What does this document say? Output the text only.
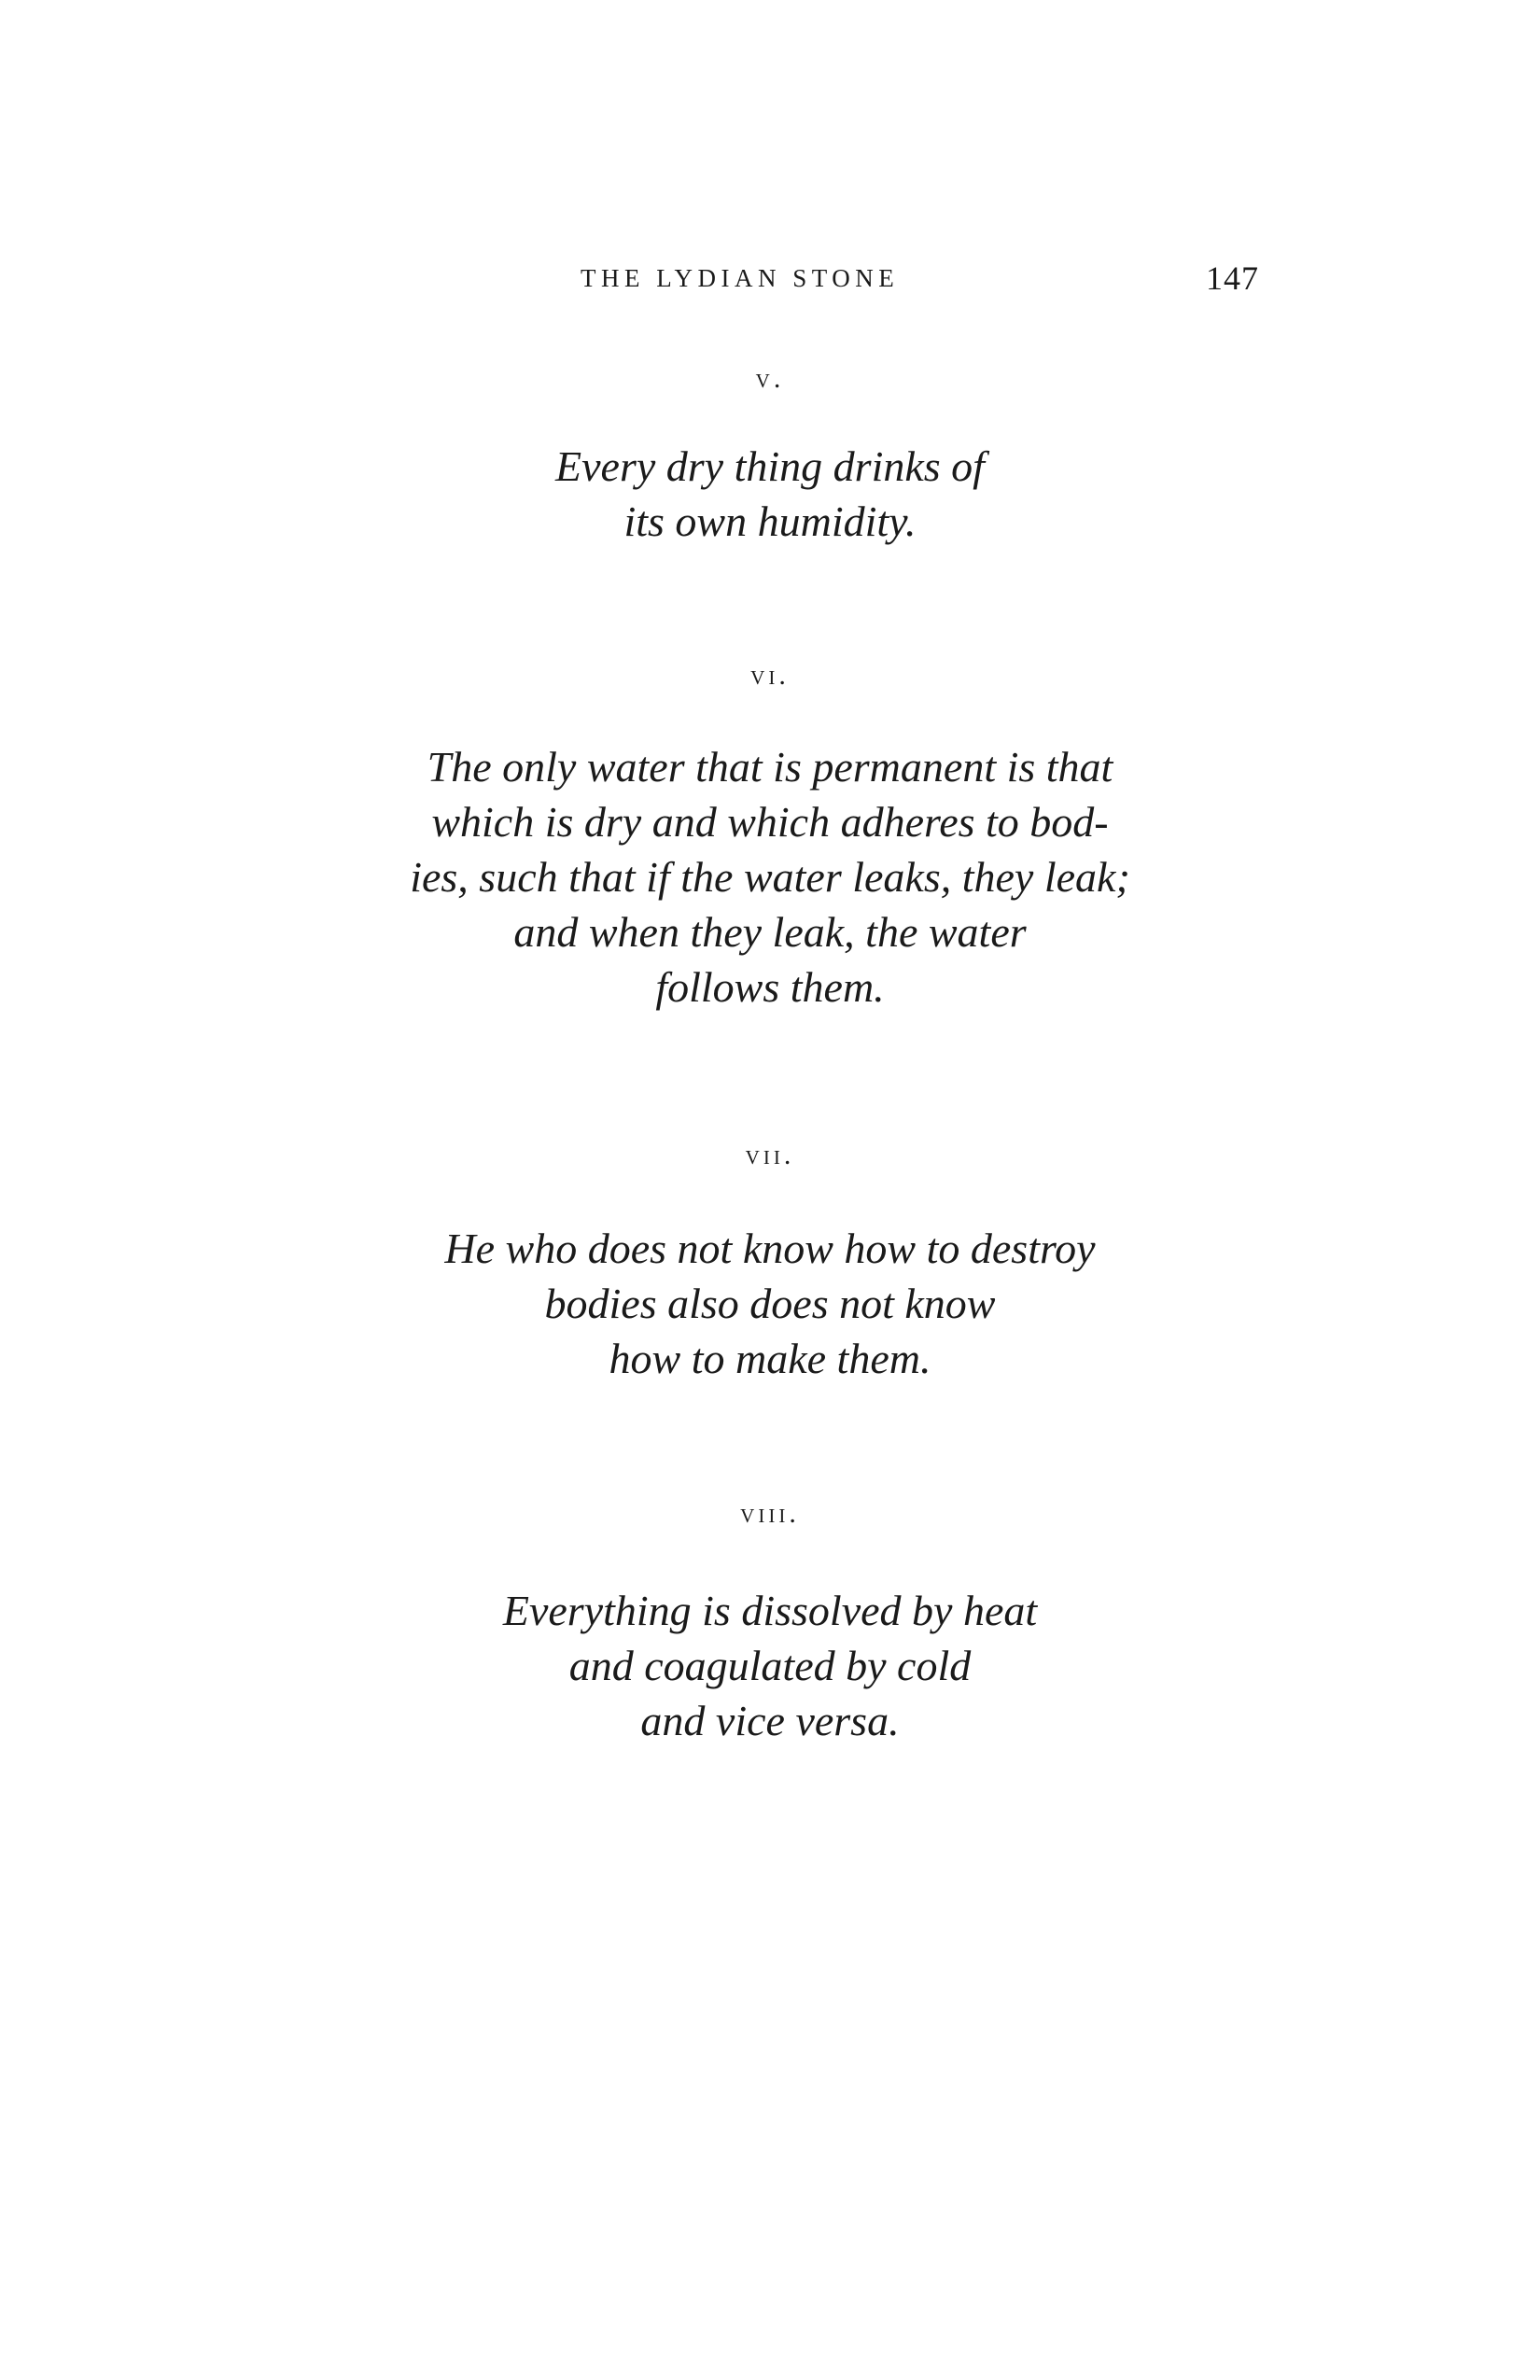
THE LYDIAN STONE	147
v.
Every dry thing drinks of
its own humidity.
vi.
The only water that is permanent is that
which is dry and which adheres to bod-
ies, such that if the water leaks, they leak;
and when they leak, the water
follows them.
vii.
He who does not know how to destroy
bodies also does not know
how to make them.
viii.
Everything is dissolved by heat
and coagulated by cold
and vice versa.
